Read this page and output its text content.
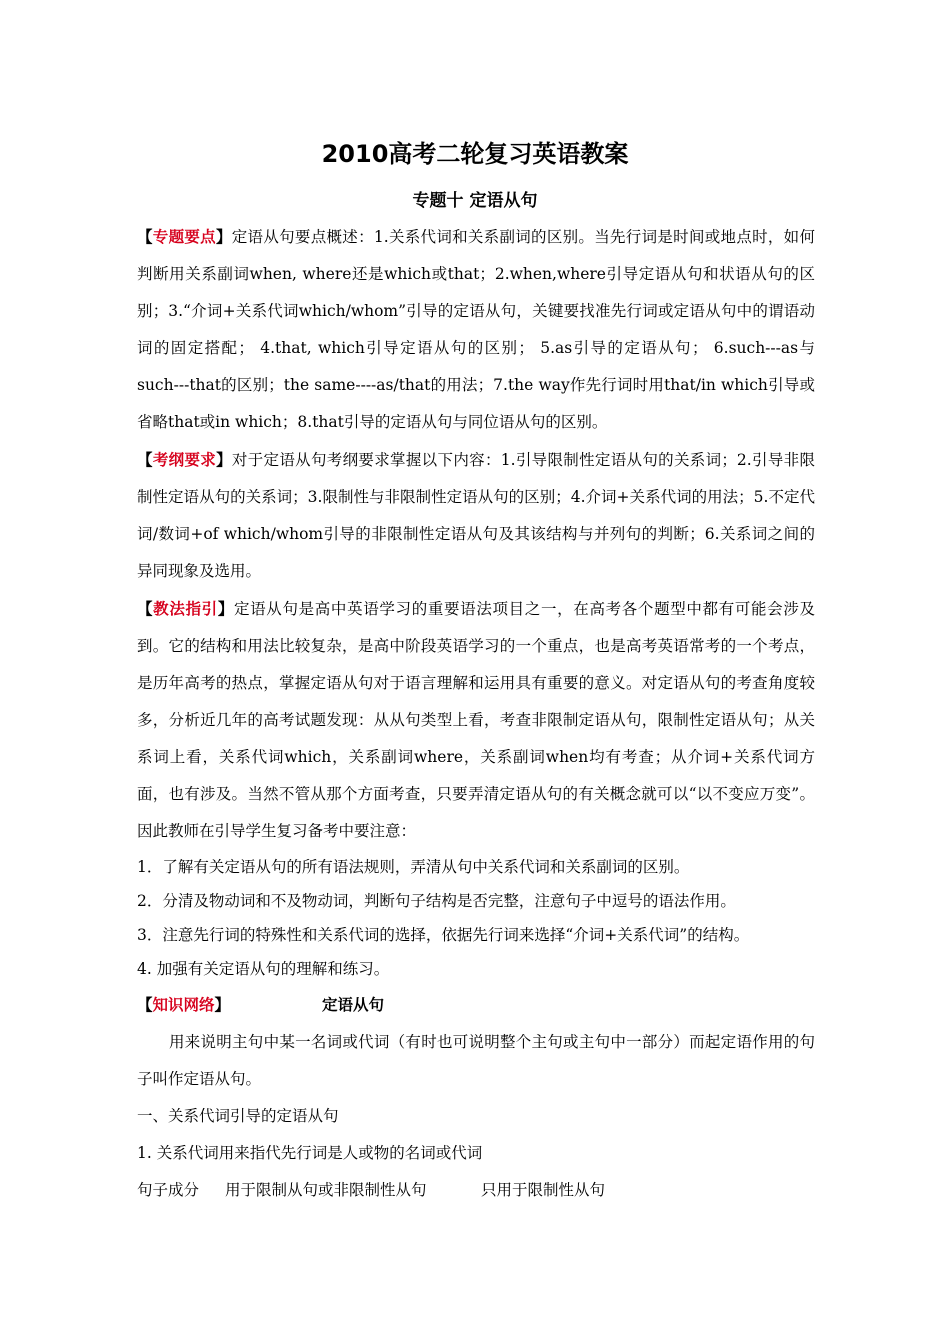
2010高考二轮复习英语教案
专题十 定语从句
【专题要点】定语从句要点概述：1.关系代词和关系副词的区别。当先行词是时间或地点时，如何判断用关系副词when, where还是which或that；2.when,where引导定语从句和状语从句的区别；3.“介词+关系代词which/whom”引导的定语从句，关键要找准先行词或定语从句中的谓语动词的固定搭配； 4.that, which引导定语从句的区别； 5.as引导的定语从句； 6.such---as与such---that的区别；the same----as/that的用法；7.the way作先行词时用that/in which引导或省略that或in which；8.that引导的定语从句与同位语从句的区别。
【考纲要求】对于定语从句考纲要求掌握以下内容：1.引导限制性定语从句的关系词；2.引导非限制性定语从句的关系词；3.限制性与非限制性定语从句的区别；4.介词+关系代词的用法；5.不定代词/数词+of which/whom引导的非限制性定语从句及其该结构与并列句的判断；6.关系词之间的异同现象及选用。
【教法指引】定语从句是高中英语学习的重要语法项目之一，在高考各个题型中都有可能会涉及到。它的结构和用法比较复杂，是高中阶段英语学习的一个重点，也是高考英语常考的一个考点，是历年高考的热点，掌握定语从句对于语言理解和运用具有重要的意义。对定语从句的考查角度较多，分析近几年的高考试题发现：从从句类型上看，考查非限制定语从句，限制性定语从句；从关系词上看，关系代词which，关系副词where，关系副词when均有考查；从介词+关系代词方面，也有涉及。当然不管从那个方面考查，只要弄清定语从句的有关概念就可以“以不变应万变”。因此教师在引导学生复习备考中要注意：
1．了解有关定语从句的所有语法规则，弄清从句中关系代词和关系副词的区别。
2．分清及物动词和不及物动词，判断句子结构是否完整，注意句子中逗号的语法作用。
3．注意先行词的特殊性和关系代词的选择，依据先行词来选择“介词+关系代词”的结构。
4. 加强有关定语从句的理解和练习。
【知识网络】	定语从句
用来说明主句中某一名词或代词（有时也可说明整个主句或主句中一部分）而起定语作用的句子叫作定语从句。
一、关系代词引导的定语从句
1. 关系代词用来指代先行词是人或物的名词或代词
句子成分	用于限制从句或非限制性从句	只用于限制性从句
